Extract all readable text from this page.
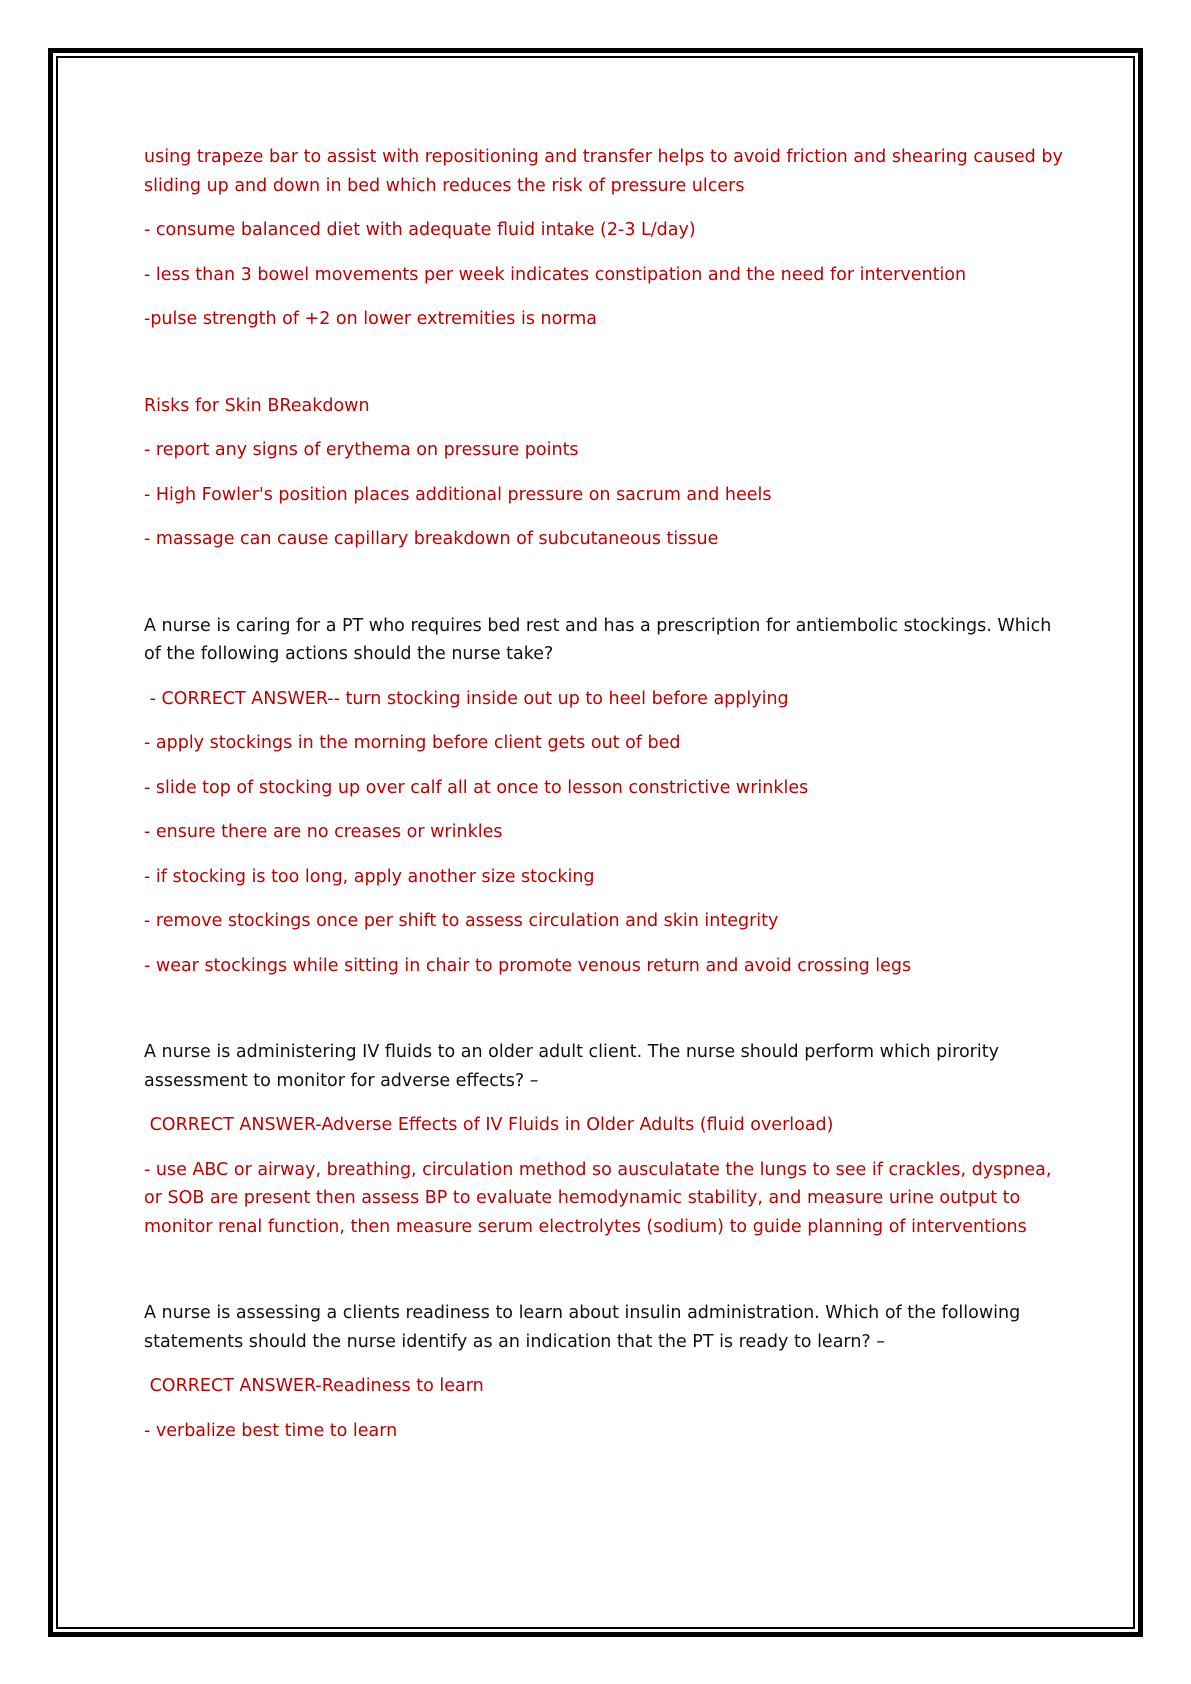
using trapeze bar to assist with repositioning and transfer helps to avoid friction and shearing caused by sliding up and down in bed which reduces the risk of pressure ulcers

- consume balanced diet with adequate fluid intake (2-3 L/day)

- less than 3 bowel movements per week indicates constipation and the need for intervention

-pulse strength of +2 on lower extremities is norma

Risks for Skin BReakdown

- report any signs of erythema on pressure points

- High Fowler's position places additional pressure on sacrum and heels

- massage can cause capillary breakdown of subcutaneous tissue

A nurse is caring for a PT who requires bed rest and has a prescription for antiembolic stockings. Which of the following actions should the nurse take?

- CORRECT ANSWER-- turn stocking inside out up to heel before applying

- apply stockings in the morning before client gets out of bed

- slide top of stocking up over calf all at once to lesson constrictive wrinkles

- ensure there are no creases or wrinkles

- if stocking is too long, apply another size stocking

- remove stockings once per shift to assess circulation and skin integrity

- wear stockings while sitting in chair to promote venous return and avoid crossing legs

A nurse is administering IV fluids to an older adult client. The nurse should perform which pirority assessment to monitor for adverse effects? –

CORRECT ANSWER-Adverse Effects of IV Fluids in Older Adults (fluid overload)

- use ABC or airway, breathing, circulation method so ausculatate the lungs to see if crackles, dyspnea, or SOB are present then assess BP to evaluate hemodynamic stability, and measure urine output to monitor renal function, then measure serum electrolytes (sodium) to guide planning of interventions

A nurse is assessing a clients readiness to learn about insulin administration. Which of the following statements should the nurse identify as an indication that the PT is ready to learn? –

CORRECT ANSWER-Readiness to learn

- verbalize best time to learn
